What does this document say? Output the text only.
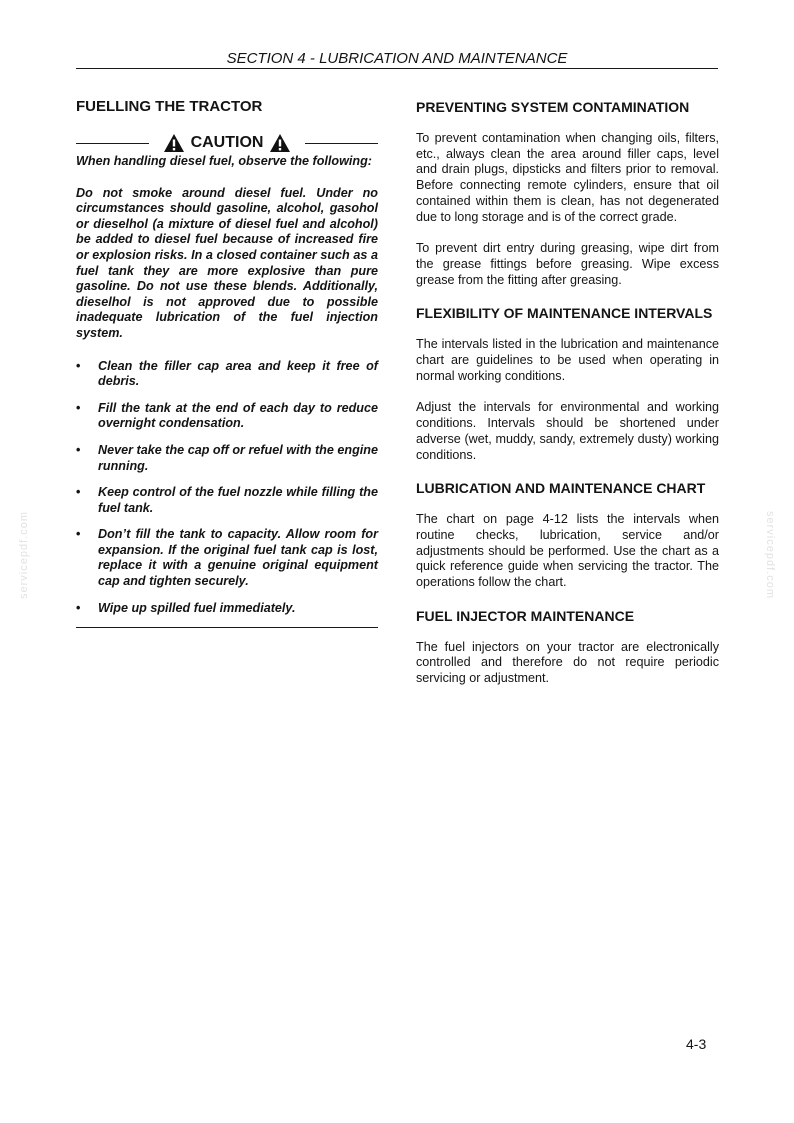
SECTION 4 - LUBRICATION AND MAINTENANCE
servicepdf.com	servicepdf.com
FUELLING THE TRACTOR
CAUTION

When handling diesel fuel, observe the following:

Do not smoke around diesel fuel. Under no circumstances should gasoline, alcohol, gasohol or dieselhol (a mixture of diesel fuel and alcohol) be added to diesel fuel because of increased fire or explosion risks. In a closed container such as a fuel tank they are more explosive than pure gasoline. Do not use these blends. Additionally, dieselhol is not approved due to possible inadequate lubrication of the fuel injection system.

• Clean the filler cap area and keep it free of debris.
• Fill the tank at the end of each day to reduce overnight condensation.
• Never take the cap off or refuel with the engine running.
• Keep control of the fuel nozzle while filling the fuel tank.
• Don’t fill the tank to capacity. Allow room for expansion. If the original fuel tank cap is lost, replace it with a genuine original equipment cap and tighten securely.
• Wipe up spilled fuel immediately.
PREVENTING SYSTEM CONTAMINATION

To prevent contamination when changing oils, filters, etc., always clean the area around filler caps, level and drain plugs, dipsticks and filters prior to removal. Before connecting remote cylinders, ensure that oil contained within them is clean, has not degenerated due to long storage and is of the correct grade.

To prevent dirt entry during greasing, wipe dirt from the grease fittings before greasing. Wipe excess grease from the fitting after greasing.

FLEXIBILITY OF MAINTENANCE INTERVALS

The intervals listed in the lubrication and maintenance chart are guidelines to be used when operating in normal working conditions.

Adjust the intervals for environmental and working conditions. Intervals should be shortened under adverse (wet, muddy, sandy, extremely dusty) working conditions.

LUBRICATION AND MAINTENANCE CHART

The chart on page 4-12 lists the intervals when routine checks, lubrication, service and/or adjustments should be performed. Use the chart as a quick reference guide when servicing the tractor. The operations follow the chart.

FUEL INJECTOR MAINTENANCE

The fuel injectors on your tractor are electronically controlled and therefore do not require periodic servicing or adjustment.

4-3
